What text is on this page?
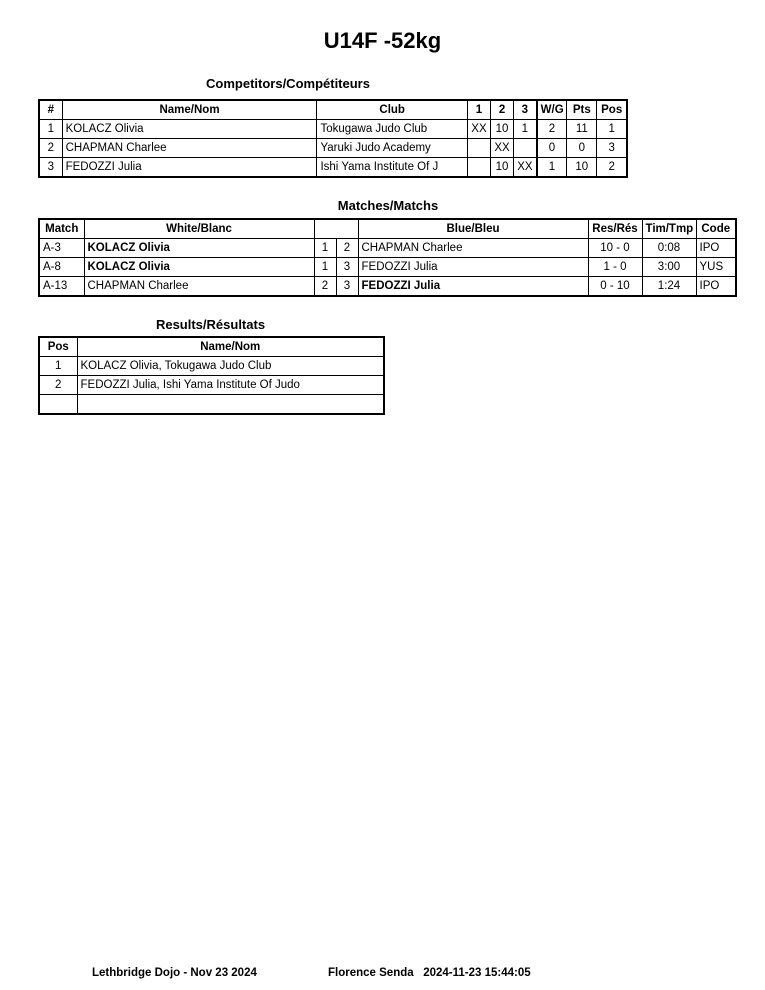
U14F -52kg
Competitors/Compétiteurs
#	Name/Nom	Club	1	2	3	W/G	Pts	Pos
1	KOLACZ Olivia	Tokugawa Judo Club	XX	10	1	2	11	1
2	CHAPMAN Charlee	Yaruki Judo Academy		XX		0	0	3
3	FEDOZZI Julia	Ishi Yama Institute Of J		10	XX	1	10	2
Matches/Matchs
Match	White/Blanc			Blue/Bleu	Res/Rés	Tim/Tmp	Code
A-3	KOLACZ Olivia	1	2	CHAPMAN Charlee	10 - 0	0:08	IPO
A-8	KOLACZ Olivia	1	3	FEDOZZI Julia	1 - 0	3:00	YUS
A-13	CHAPMAN Charlee	2	3	FEDOZZI Julia	0 - 10	1:24	IPO
Results/Résultats
Pos	Name/Nom
1	KOLACZ Olivia, Tokugawa Judo Club
2	FEDOZZI Julia, Ishi Yama Institute Of Judo

Lethbridge Dojo - Nov 23 2024	Florence Senda   2024-11-23 15:44:05
